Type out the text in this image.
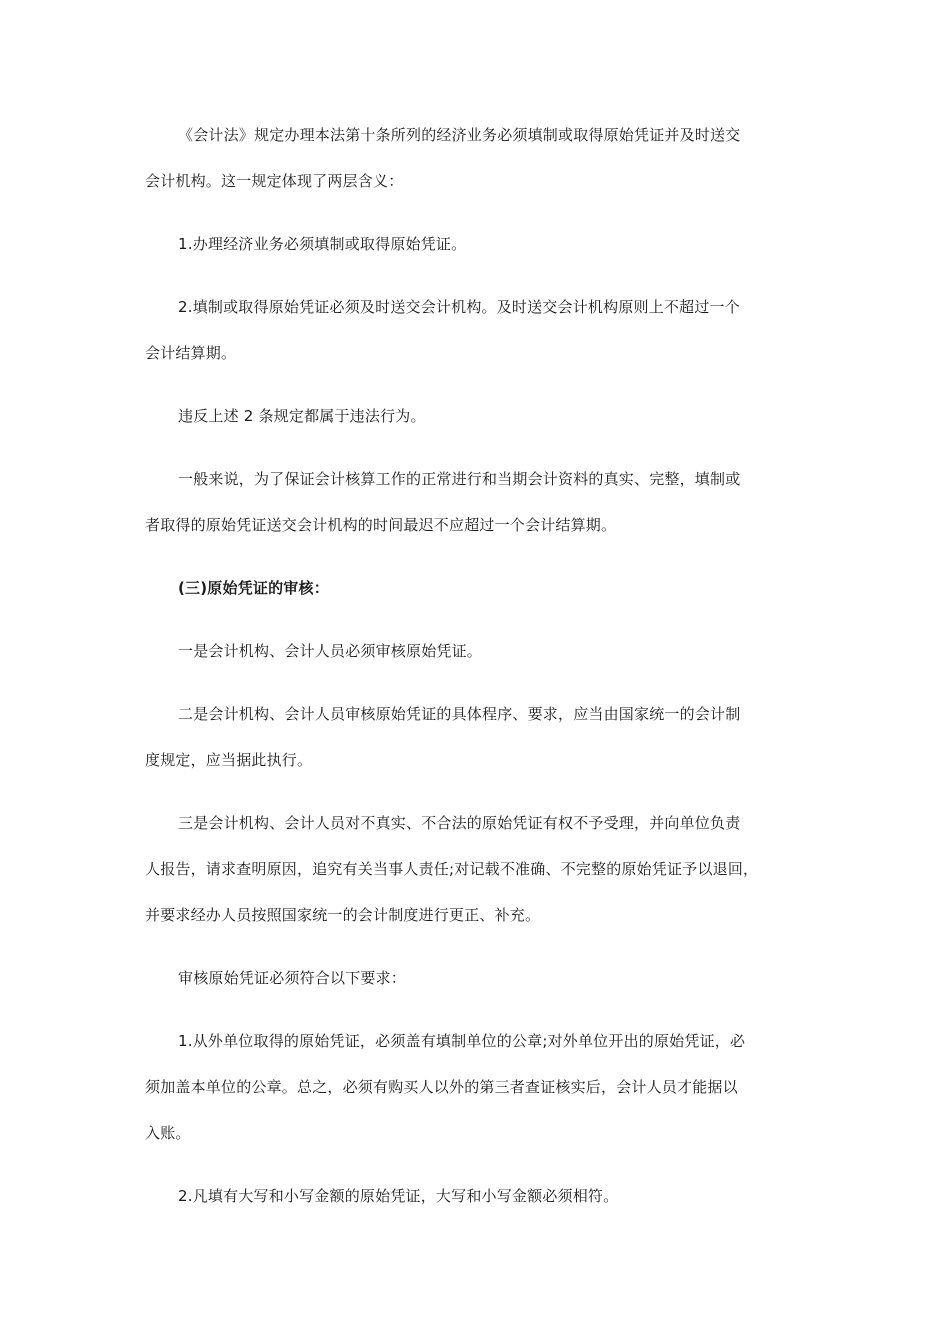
《会计法》规定办理本法第十条所列的经济业务必须填制或取得原始凭证并及时送交
会计机构。这一规定体现了两层含义：

1.办理经济业务必须填制或取得原始凭证。

2.填制或取得原始凭证必须及时送交会计机构。及时送交会计机构原则上不超过一个
会计结算期。

违反上述 2 条规定都属于违法行为。

一般来说，为了保证会计核算工作的正常进行和当期会计资料的真实、完整，填制或
者取得的原始凭证送交会计机构的时间最迟不应超过一个会计结算期。

(三)原始凭证的审核：

一是会计机构、会计人员必须审核原始凭证。

二是会计机构、会计人员审核原始凭证的具体程序、要求，应当由国家统一的会计制
度规定，应当据此执行。

三是会计机构、会计人员对不真实、不合法的原始凭证有权不予受理，并向单位负责
人报告，请求查明原因，追究有关当事人责任;对记载不准确、不完整的原始凭证予以退回，
并要求经办人员按照国家统一的会计制度进行更正、补充。

审核原始凭证必须符合以下要求：

1.从外单位取得的原始凭证，必须盖有填制单位的公章;对外单位开出的原始凭证，必
须加盖本单位的公章。总之，必须有购买人以外的第三者查证核实后，会计人员才能据以
入账。

2.凡填有大写和小写金额的原始凭证，大写和小写金额必须相符。
